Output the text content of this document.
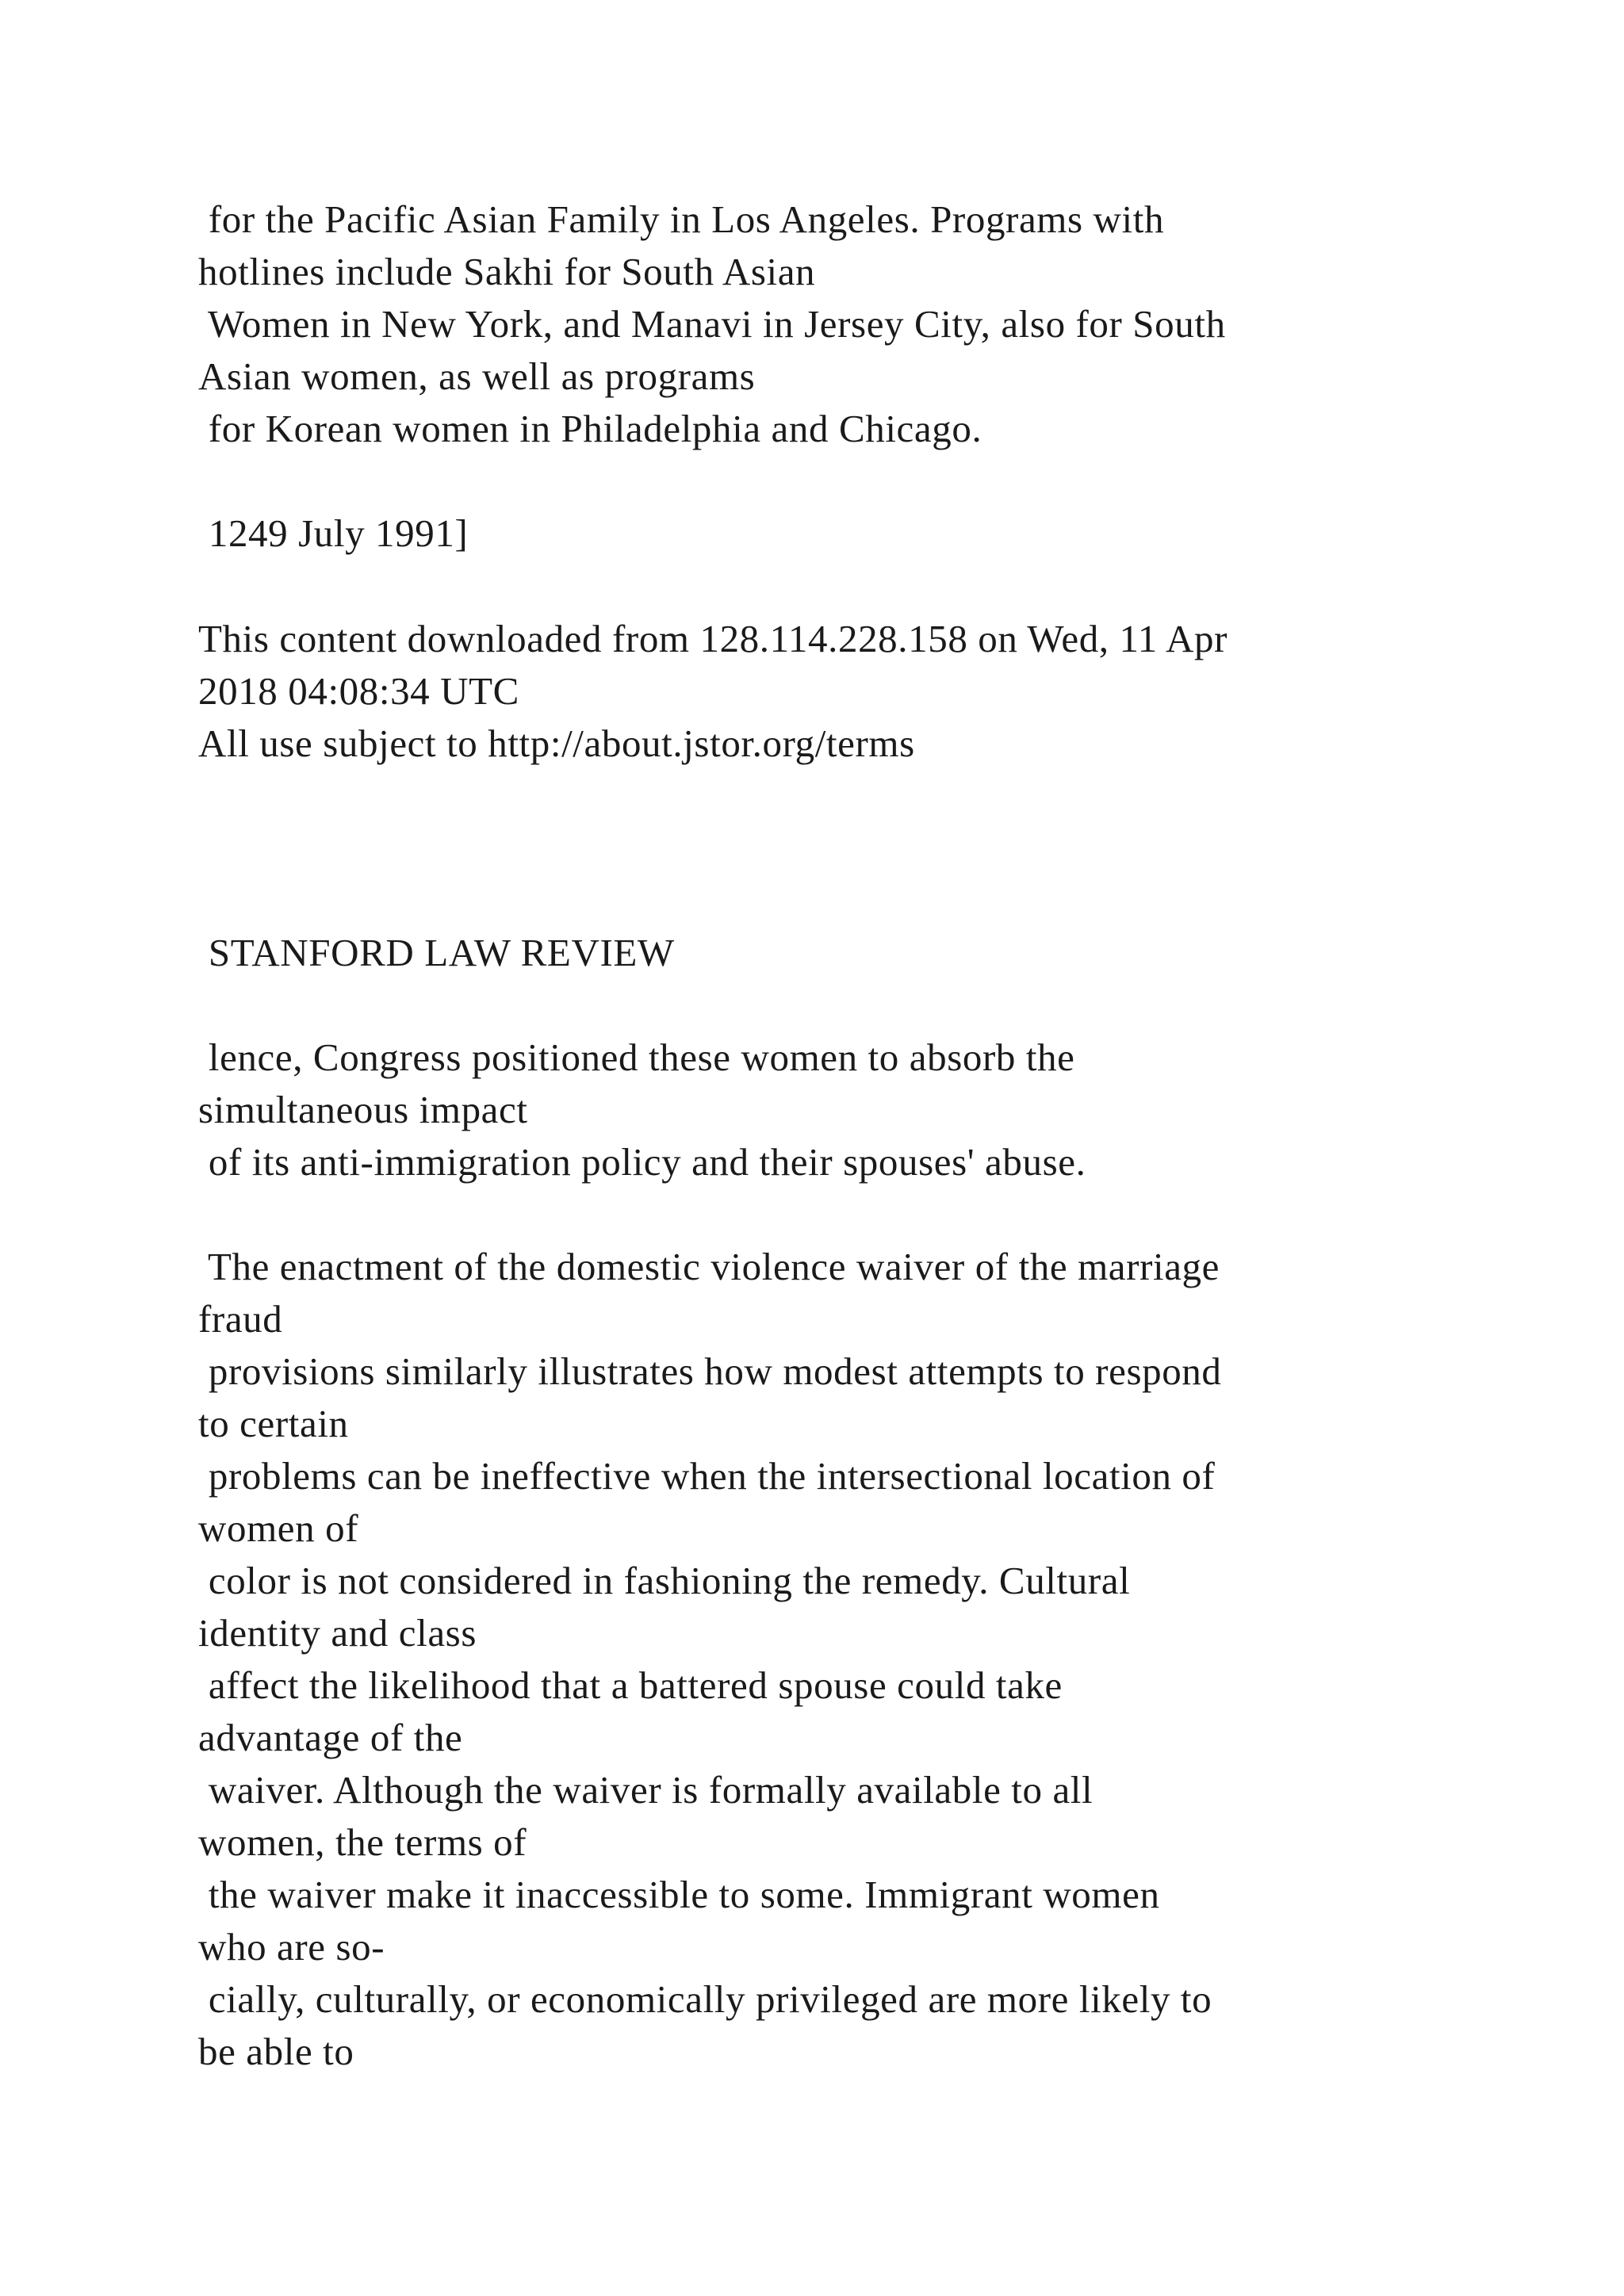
for the Pacific Asian Family in Los Angeles. Programs with

hotlines include Sakhi for South Asian

Women in New York, and Manavi in Jersey City, also for South

Asian women, as well as programs

for Korean women in Philadelphia and Chicago.

1249 July 1991]

This content downloaded from 128.114.228.158 on Wed, 11 Apr

2018 04:08:34 UTC

All use subject to http://about.jstor.org/terms

STANFORD LAW REVIEW

lence, Congress positioned these women to absorb the

simultaneous impact

of its anti-immigration policy and their spouses' abuse.

The enactment of the domestic violence waiver of the marriage

fraud

provisions similarly illustrates how modest attempts to respond

to certain

problems can be ineffective when the intersectional location of

women of

color is not considered in fashioning the remedy. Cultural

identity and class

affect the likelihood that a battered spouse could take

advantage of the

waiver. Although the waiver is formally available to all

women, the terms of

the waiver make it inaccessible to some. Immigrant women

who are so-

cially, culturally, or economically privileged are more likely to

be able to
